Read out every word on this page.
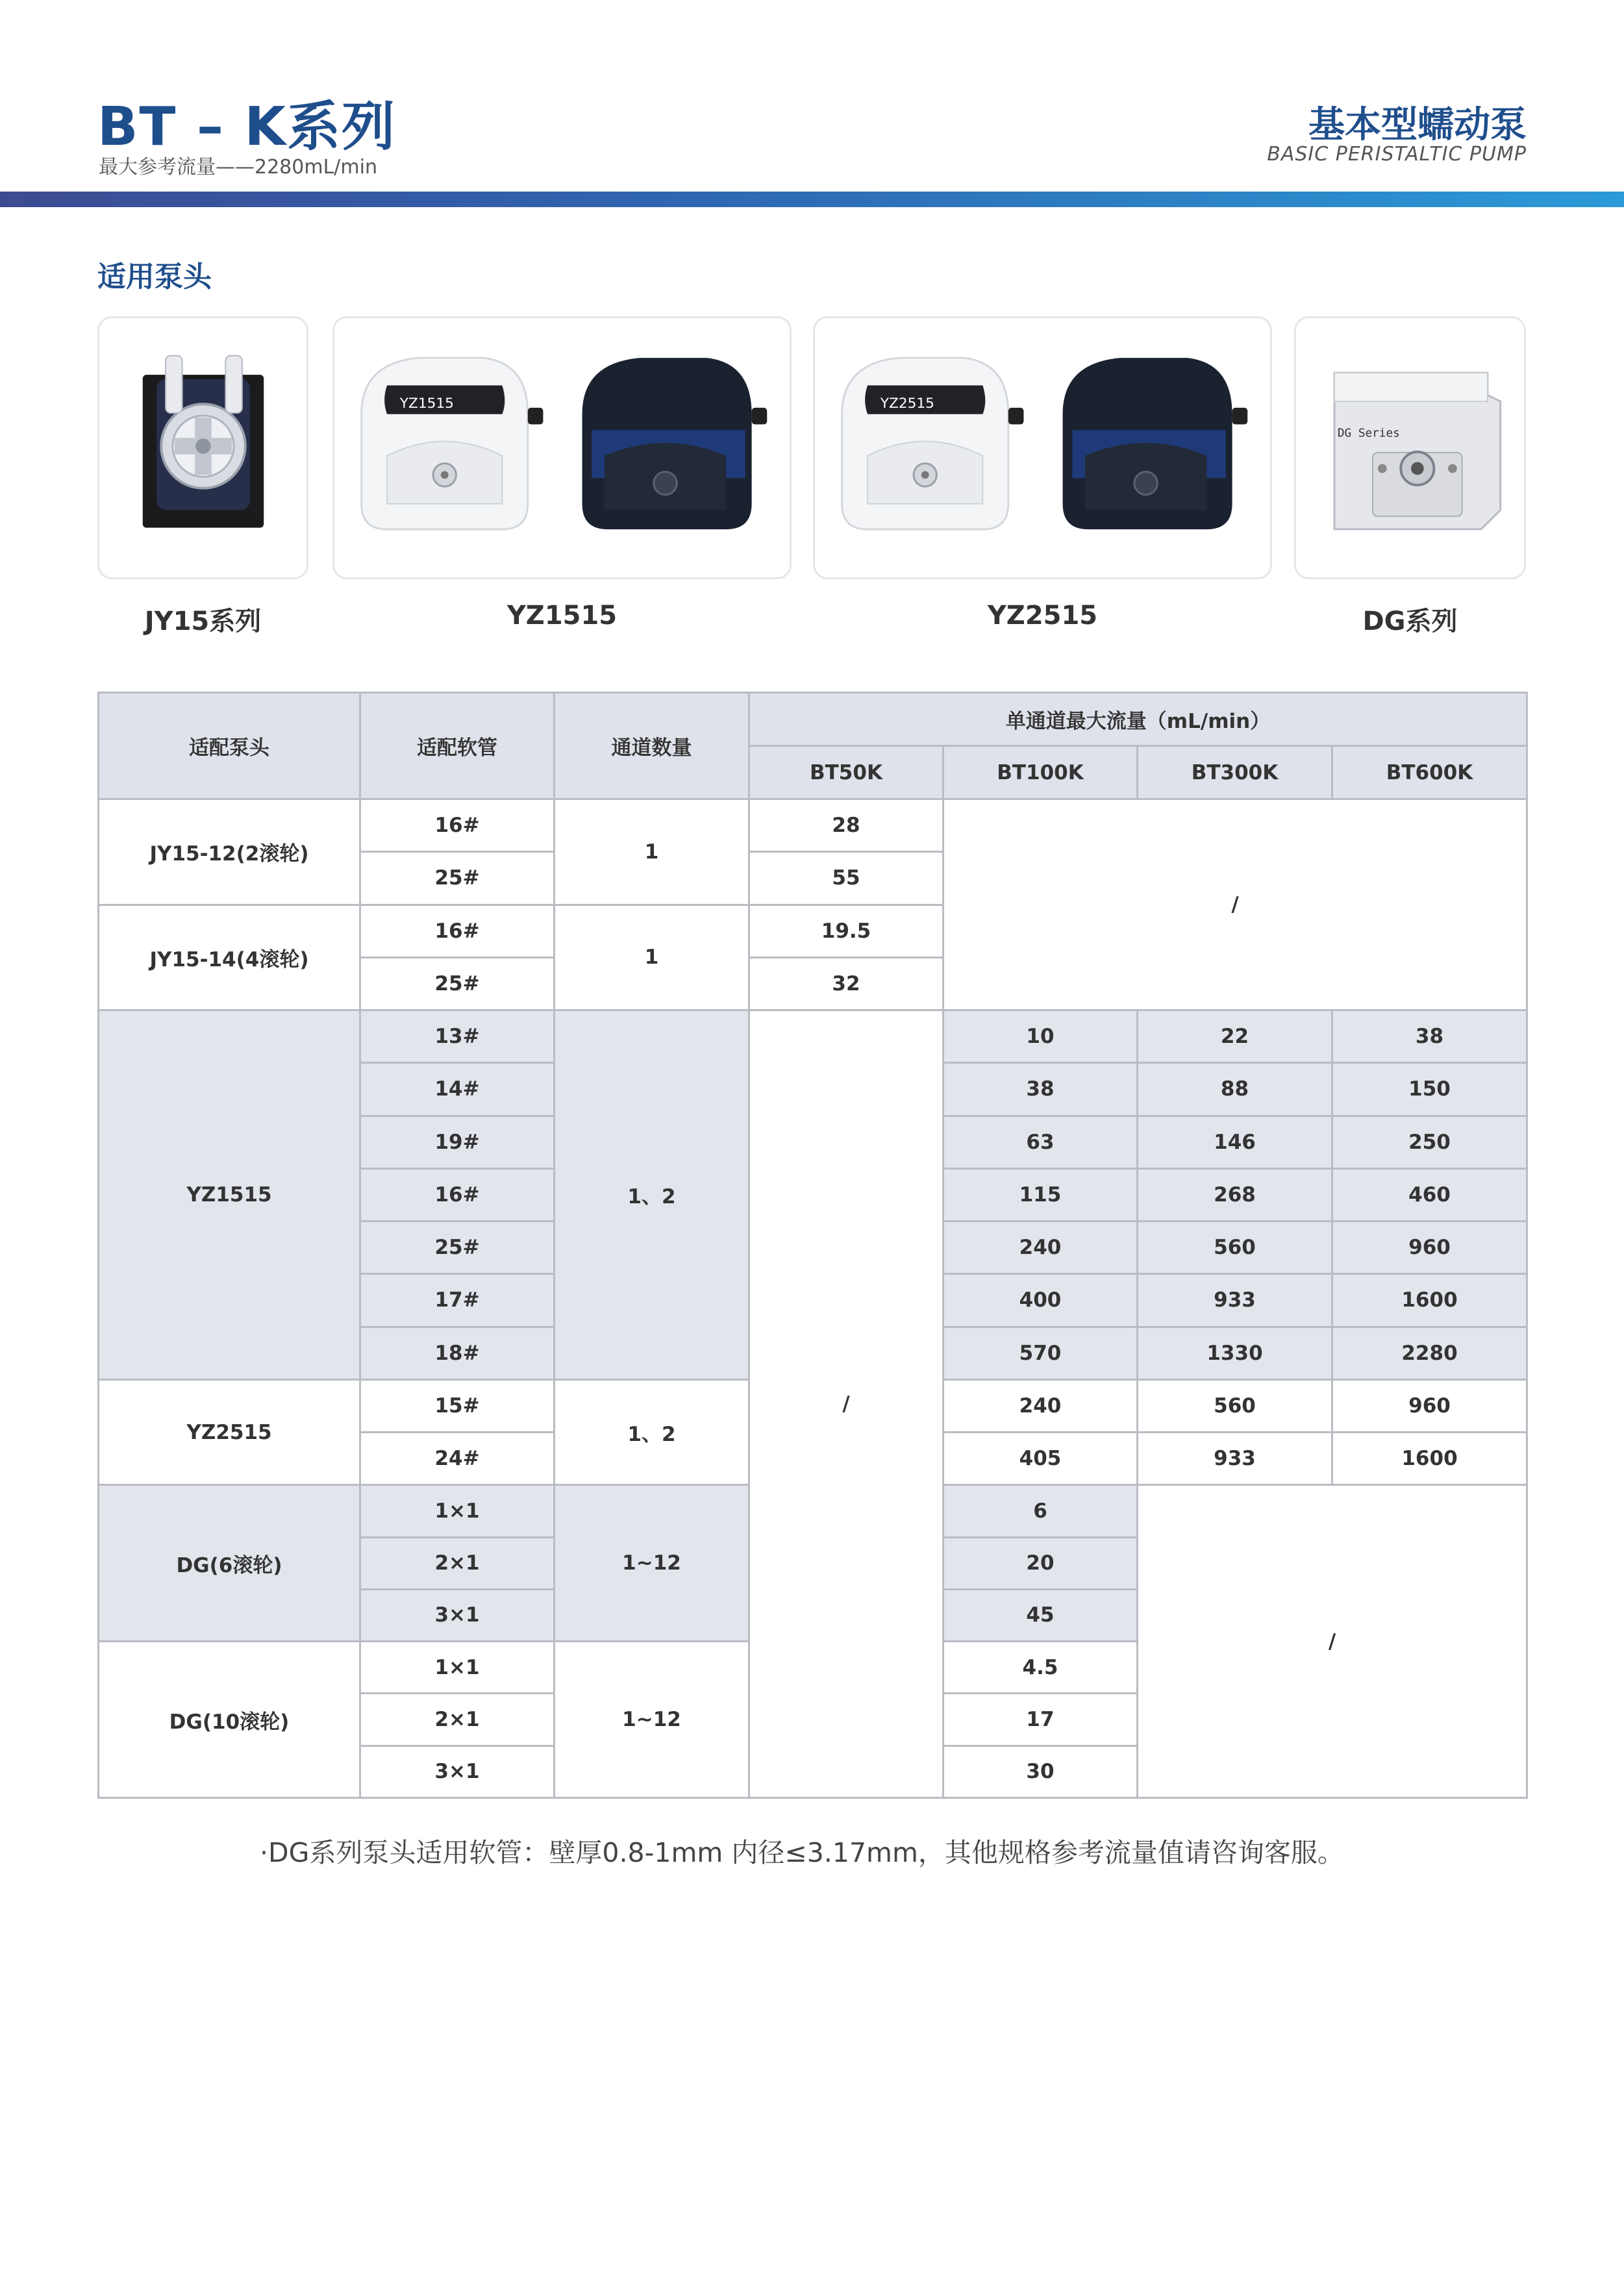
BT – K系列
最大参考流量——2280mL/min
基本型蠕动泵
BASIC PERISTALTIC PUMP
适用泵头
YZ1515	YZ2515
DG Series
JY15系列	YZ1515	YZ2515	DG系列
适配泵头	适配软管	通道数量	单通道最大流量（mL/min）			
			BT50K	BT100K	BT300K	BT600K
JY15-12(2滚轮)	16#	1	28	/		
	25#		55			
JY15-14(4滚轮)	16#	1	19.5			
	25#		32			
YZ1515	13#	1、2	/	10	22	38
	14#			38	88	150
	19#			63	146	250
	16#			115	268	460
	25#			240	560	960
	17#			400	933	1600
	18#			570	1330	2280
YZ2515	15#	1、2		240	560	960
	24#			405	933	1600
DG(6滚轮)	1×1	1~12		6	/	
	2×1			20		
	3×1			45		
DG(10滚轮)	1×1	1~12		4.5		
	2×1			17		
	3×1			30		
·DG系列泵头适用软管：壁厚0.8-1mm 内径≤3.17mm，其他规格参考流量值请咨询客服。
